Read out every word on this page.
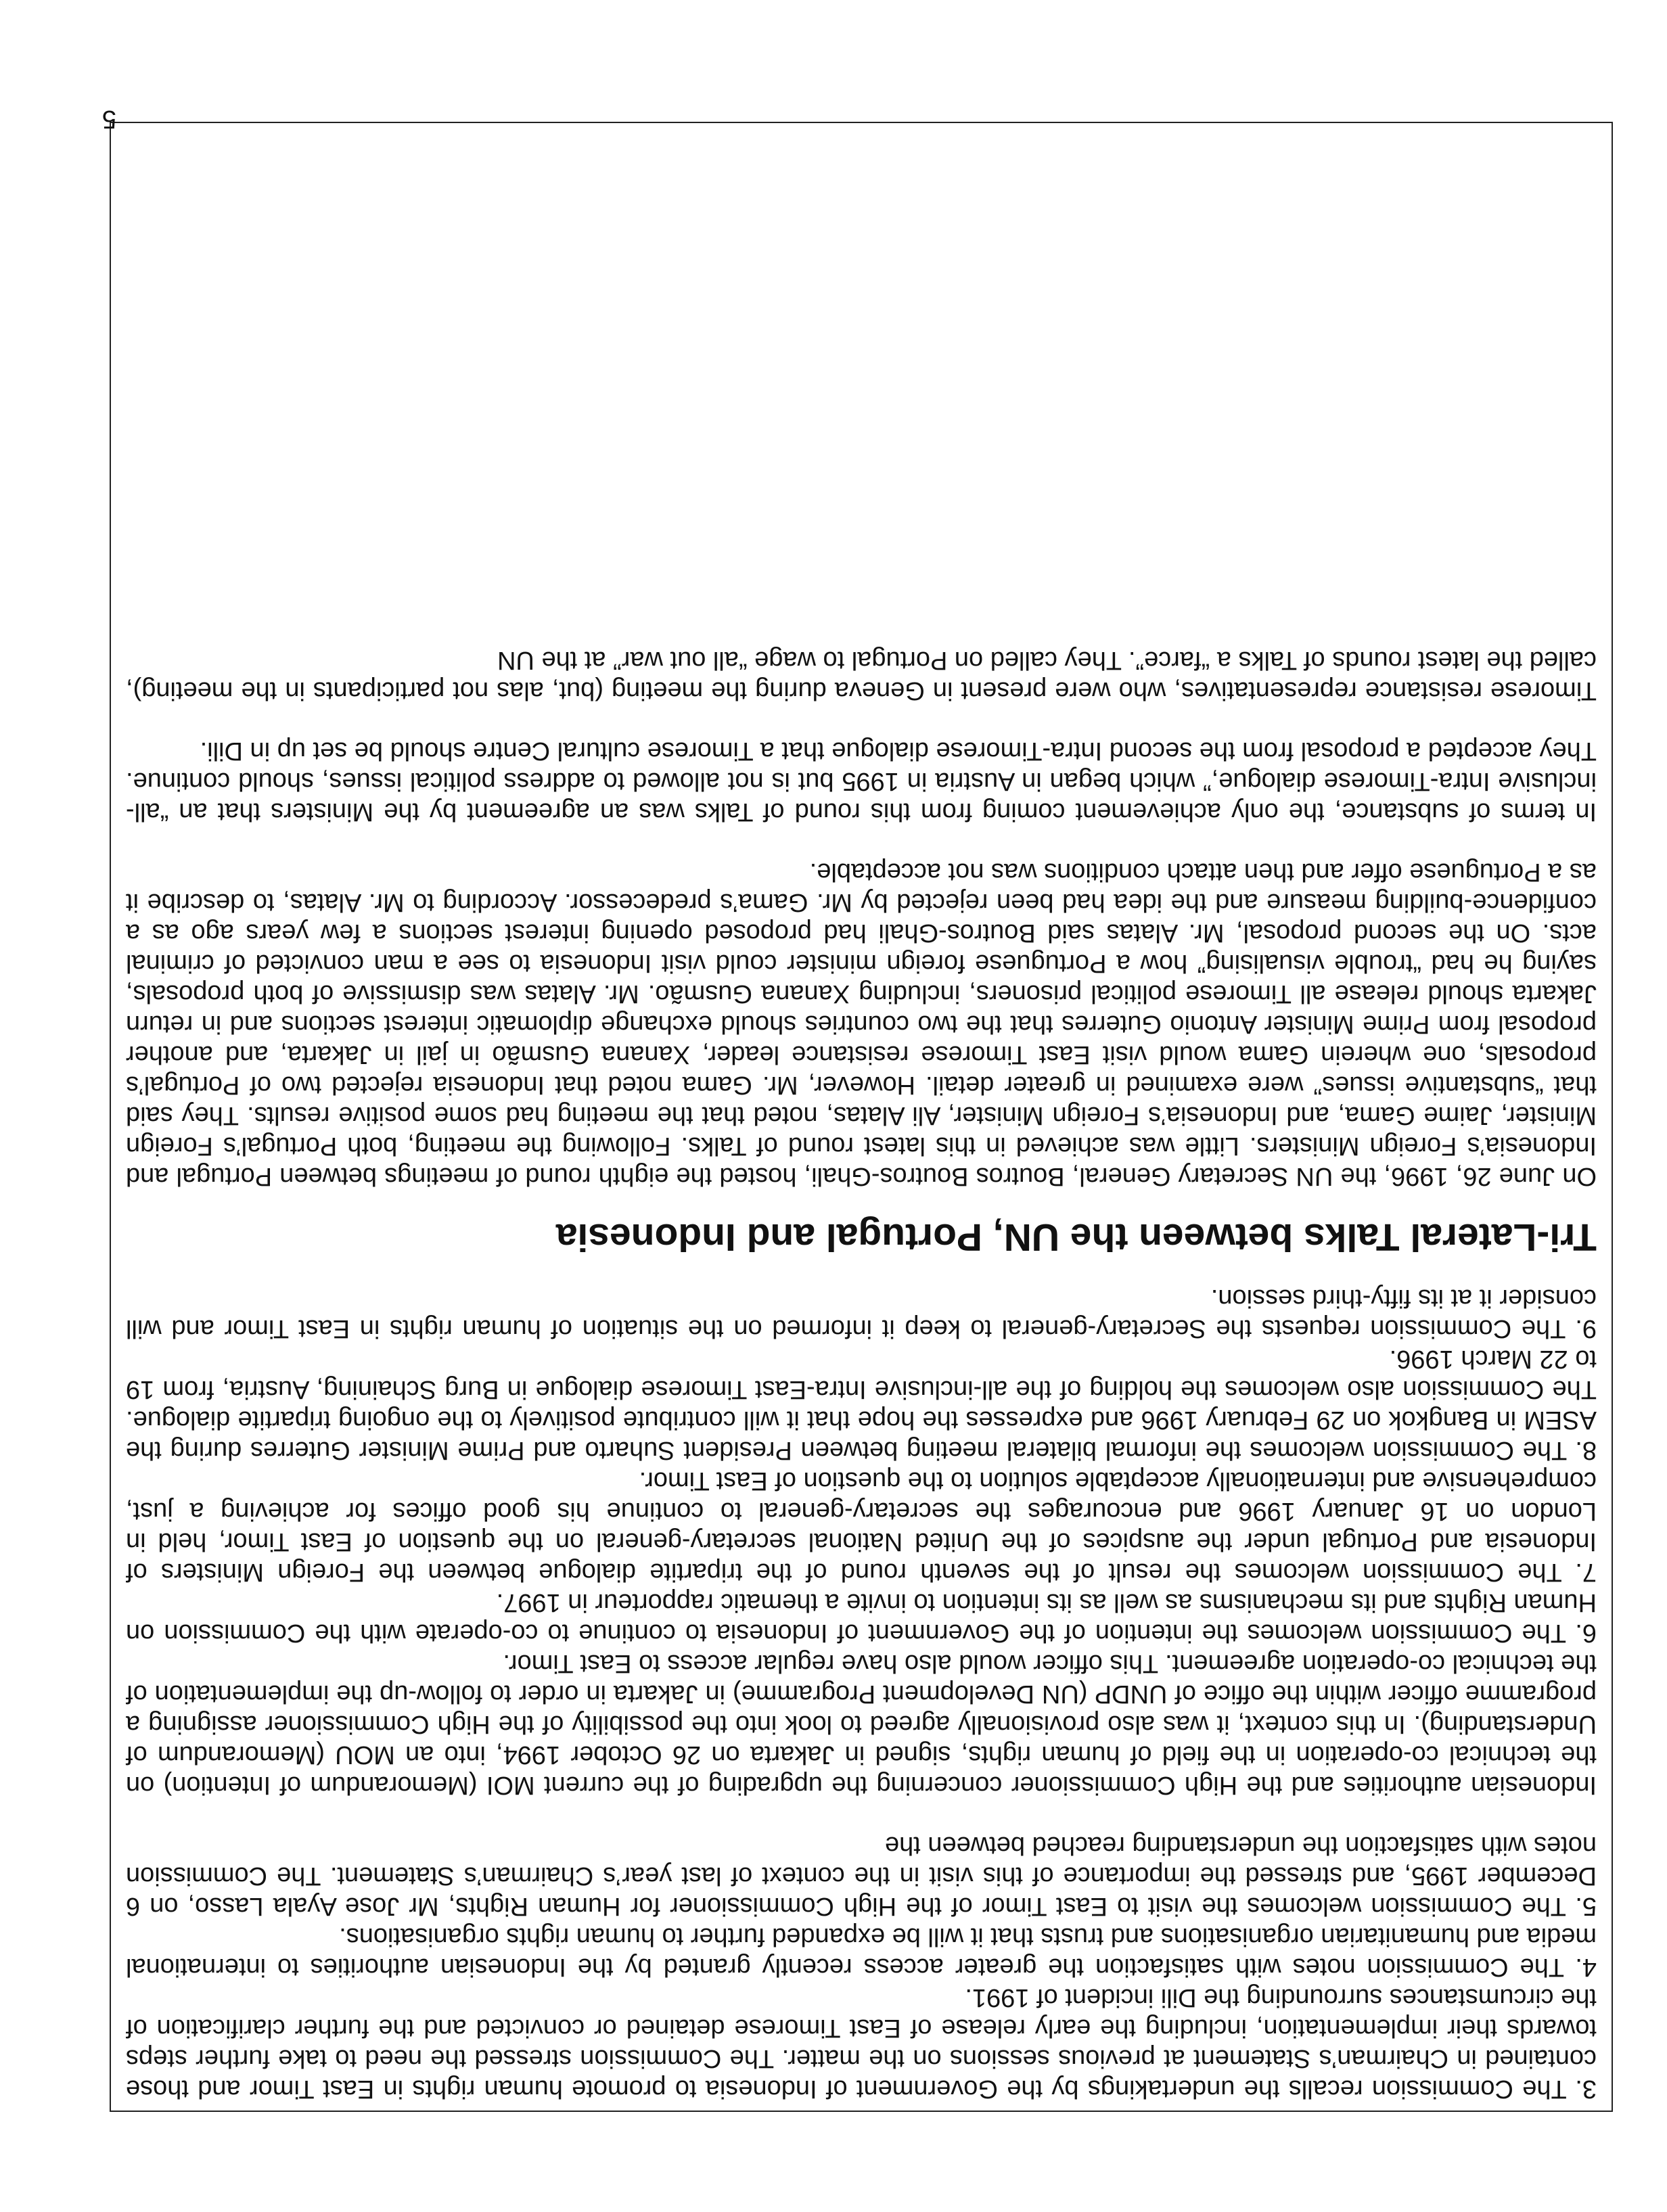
3. The Commission recalls the undertakings by the Government of Indonesia to promote human rights in East Timor and those contained in Chairman’s Statement at previous sessions on the matter. The Commission stressed the need to take further steps towards their implementation, including the early release of East Timorese detained or convicted and the further clarification of the circumstances surrounding the Dili incident of 1991.

4. The Commission notes with satisfaction the greater access recently granted by the Indonesian authorities to international media and humanitarian organisations and trusts that it will be expanded further to human rights organisations.

5. The Commission welcomes the visit to East Timor of the High Commissioner for Human Rights, Mr Jose Ayala Lasso, on 6 December 1995, and stressed the importance of this visit in the context of last year’s Chairman’s Statement. The Commission notes with satisfaction the understanding reached between the

Indonesian authorities and the High Commissioner concerning the upgrading of the current MOI (Memorandum of Intention) on the technical co-operation in the field of human rights, signed in Jakarta on 26 October 1994, into an MOU (Memorandum of Understanding). In this context, it was also provisionally agreed to look into the possibility of the High Commissioner assigning a programme officer within the office of UNDP (UN Development Programme) in Jakarta in order to follow-up the implementation of the technical co-operation agreement. This officer would also have regular access to East Timor.

6. The Commission welcomes the intention of the Government of Indonesia to continue to co-operate with the Commission on Human Rights and its mechanisms as well as its intention to invite a thematic rapporteur in 1997.

7. The Commission welcomes the result of the seventh round of the tripartite dialogue between the Foreign Ministers of Indonesia and Portugal under the auspices of the United National secretary-general on the question of East Timor, held in London on 16 January 1996 and encourages the secretary-general to continue his good offices for achieving a just, comprehensive and internationally acceptable solution to the question of East Timor.

8. The Commission welcomes the informal bilateral meeting between President Suharto and Prime Minister Guterres during the ASEM in Bangkok on 29 February 1996 and expresses the hope that it will contribute positively to the ongoing tripartite dialogue. The Commission also welcomes the holding of the all-inclusive Intra-East Timorese dialogue in Burg Schaining, Austria, from 19 to 22 March 1996.

9. The Commission requests the Secretary-general to keep it informed on the situation of human rights in East Timor and will consider it at its fifty-third session.

Tri-Lateral Talks between the UN, Portugal and Indonesia

On June 26, 1996, the UN Secretary General, Boutros Boutros-Ghali, hosted the eighth round of meetings between Portugal and Indonesia’s Foreign Ministers. Little was achieved in this latest round of Talks. Following the meeting, both Portugal’s Foreign Minister, Jaime Gama, and Indonesia’s Foreign Minister, Ali Alatas, noted that the meeting had some positive results. They said that “substantive issues” were examined in greater detail. However, Mr. Gama noted that Indonesia rejected two of Portugal’s proposals, one wherein Gama would visit East Timorese resistance leader, Xanana Gusmão in jail in Jakarta, and another proposal from Prime Minister Antonio Guterres that the two countries should exchange diplomatic interest sections and in return Jakarta should release all Timorese political prisoners, including Xanana Gusmão. Mr. Alatas was dismissive of both proposals, saying he had “trouble visualising” how a Portuguese foreign minister could visit Indonesia to see a man convicted of criminal acts. On the second proposal, Mr. Alatas said Boutros-Ghali had proposed opening interest sections a few years ago as a confidence-building measure and the idea had been rejected by Mr. Gama’s predecessor. According to Mr. Alatas, to describe it as a Portuguese offer and then attach conditions was not acceptable.

In terms of substance, the only achievement coming from this round of Talks was an agreement by the Ministers that an “all-inclusive Intra-Timorese dialogue,” which began in Austria in 1995 but is not allowed to address political issues, should continue. They accepted a proposal from the second Intra-Timorese dialogue that a Timorese cultural Centre should be set up in Dili.

Timorese resistance representatives, who were present in Geneva during the meeting (but, alas not participants in the meeting), called the latest rounds of Talks a “farce”. They called on Portugal to wage “all out war” at the UN

5
